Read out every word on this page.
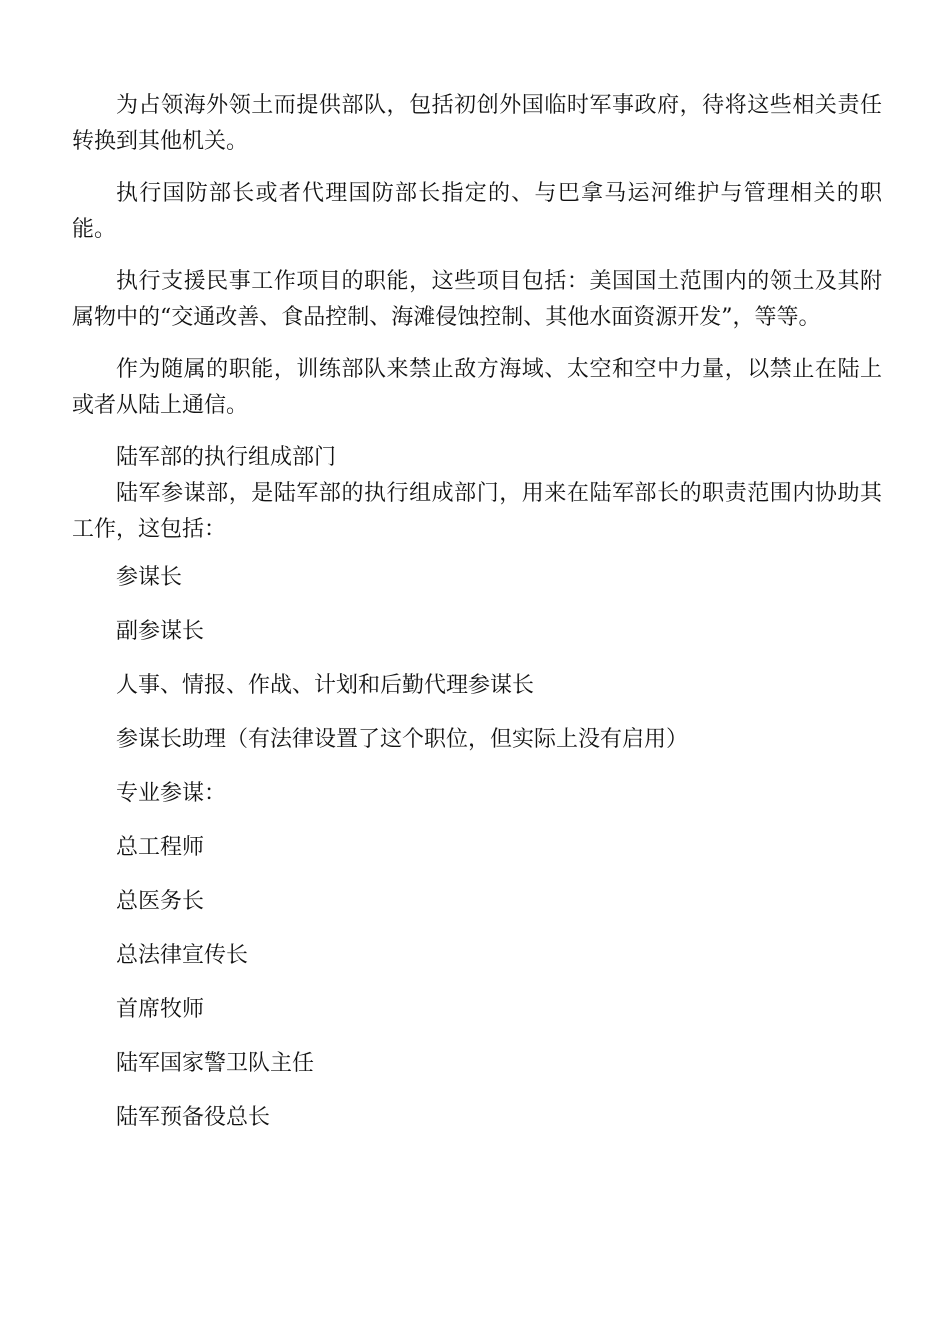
为占领海外领土而提供部队，包括初创外国临时军事政府，待将这些相关责任转换到其他机关。

执行国防部长或者代理国防部长指定的、与巴拿马运河维护与管理相关的职能。

执行支援民事工作项目的职能，这些项目包括：美国国土范围内的领土及其附属物中的“交通改善、食品控制、海滩侵蚀控制、其他水面资源开发”，等等。

作为随属的职能，训练部队来禁止敌方海域、太空和空中力量，以禁止在陆上或者从陆上通信。

陆军部的执行组成部门

陆军参谋部，是陆军部的执行组成部门，用来在陆军部长的职责范围内协助其工作，这包括：

参谋长

副参谋长

人事、情报、作战、计划和后勤代理参谋长

参谋长助理（有法律设置了这个职位，但实际上没有启用）

专业参谋：

总工程师

总医务长

总法律宣传长

首席牧师

陆军国家警卫队主任

陆军预备役总长
